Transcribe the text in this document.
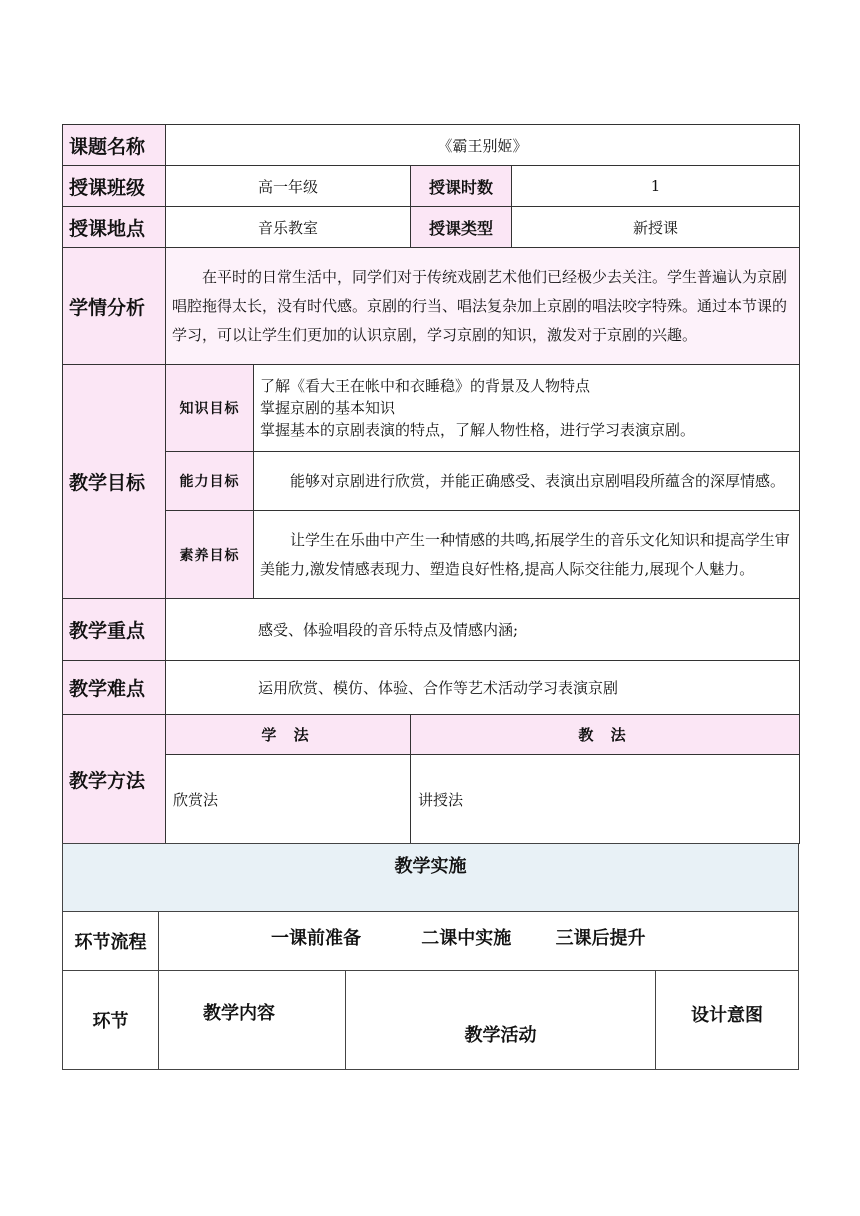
课题名称	《霸王别姬》			
授课班级	高一年级		授课时数	1
授课地点	音乐教室		授课类型	新授课
学情分析	在平时的日常生活中，同学们对于传统戏剧艺术他们已经极少去关注。学生普遍认为京剧唱腔拖得太长，没有时代感。京剧的行当、唱法复杂加上京剧的唱法咬字特殊。通过本节课的学习，可以让学生们更加的认识京剧，学习京剧的知识，激发对于京剧的兴趣。			
教学目标	知识目标	了解《看大王在帐中和衣睡稳》的背景及人物特点
掌握京剧的基本知识
掌握基本的京剧表演的特点，了解人物性格，进行学习表演京剧。		

	能力目标	能够对京剧进行欣赏，并能正确感受、表演出京剧唱段所蕴含的深厚情感。		
	素养目标	让学生在乐曲中产生一种情感的共鸣,拓展学生的音乐文化知识和提高学生审美能力,激发情感表现力、塑造良好性格,提高人际交往能力,展现个人魅力。		
教学重点	感受、体验唱段的音乐特点及情感内涵;			
教学难点	运用欣赏、模仿、体验、合作等艺术活动学习表演京剧			
教学方法	学 法		教 法	
	欣赏法		讲授法	
教学实施			
环节流程	一课前准备 二课中实施 三课后提升		
环节	教学内容	教学活动	设计意图
